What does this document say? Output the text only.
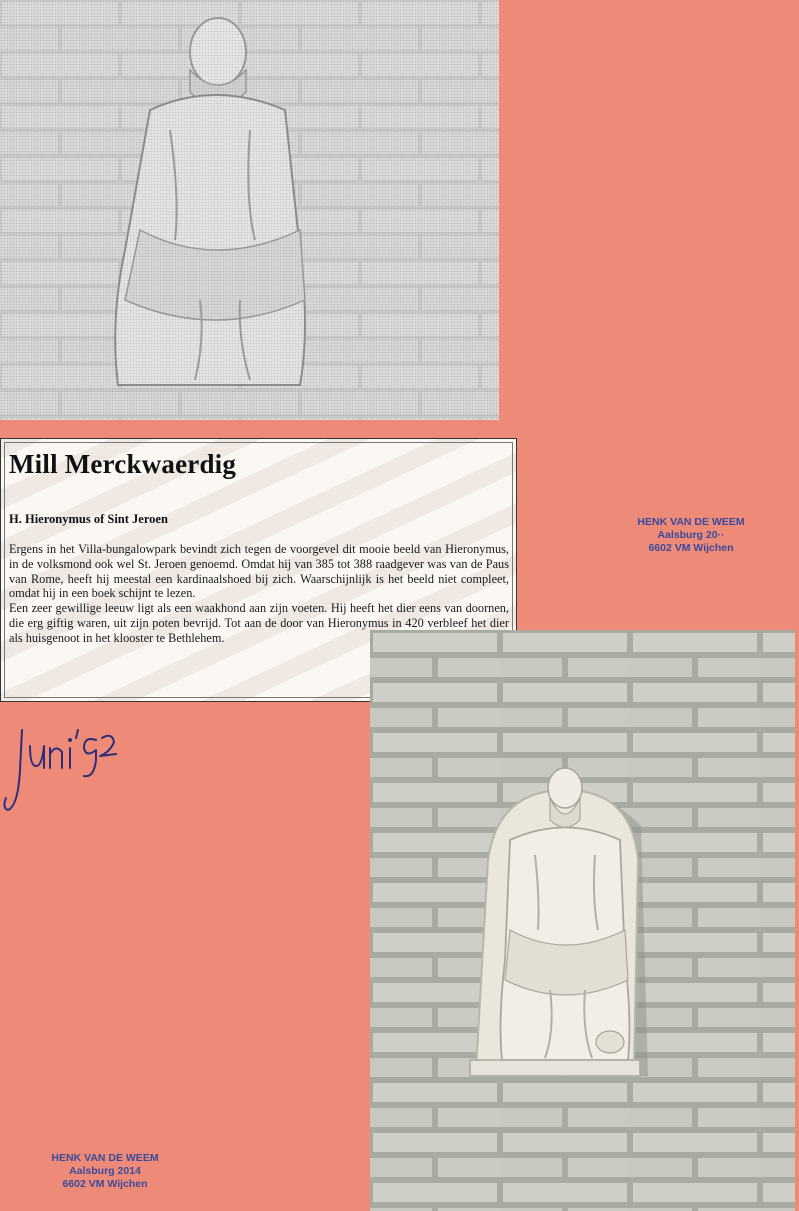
Mill Merckwaerdig
H. Hieronymus of Sint Jeroen

Ergens in het Villa-bungalowpark bevindt zich tegen de voorgevel dit mooie beeld van Hieronymus, in de volksmond ook wel St. Jeroen genoemd. Omdat hij van 385 tot 388 raadgever was van de Paus van Rome, heeft hij meestal een kardinaalshoed bij zich. Waarschijnlijk is het beeld niet compleet, omdat hij in een boek schijnt te lezen.

Een zeer gewillige leeuw ligt als een waakhond aan zijn voeten. Hij heeft het dier eens van doornen, die erg giftig waren, uit zijn poten bevrijd. Tot aan de door van Hieronymus in 420 verbleef het dier als huisgenoot in het klooster te Bethlehem.

HENK VAN DE WEEM
Aalsburg 20··
6602 VM Wijchen
HENK VAN DE WEEM
Aalsburg 2014
6602 VM Wijchen
